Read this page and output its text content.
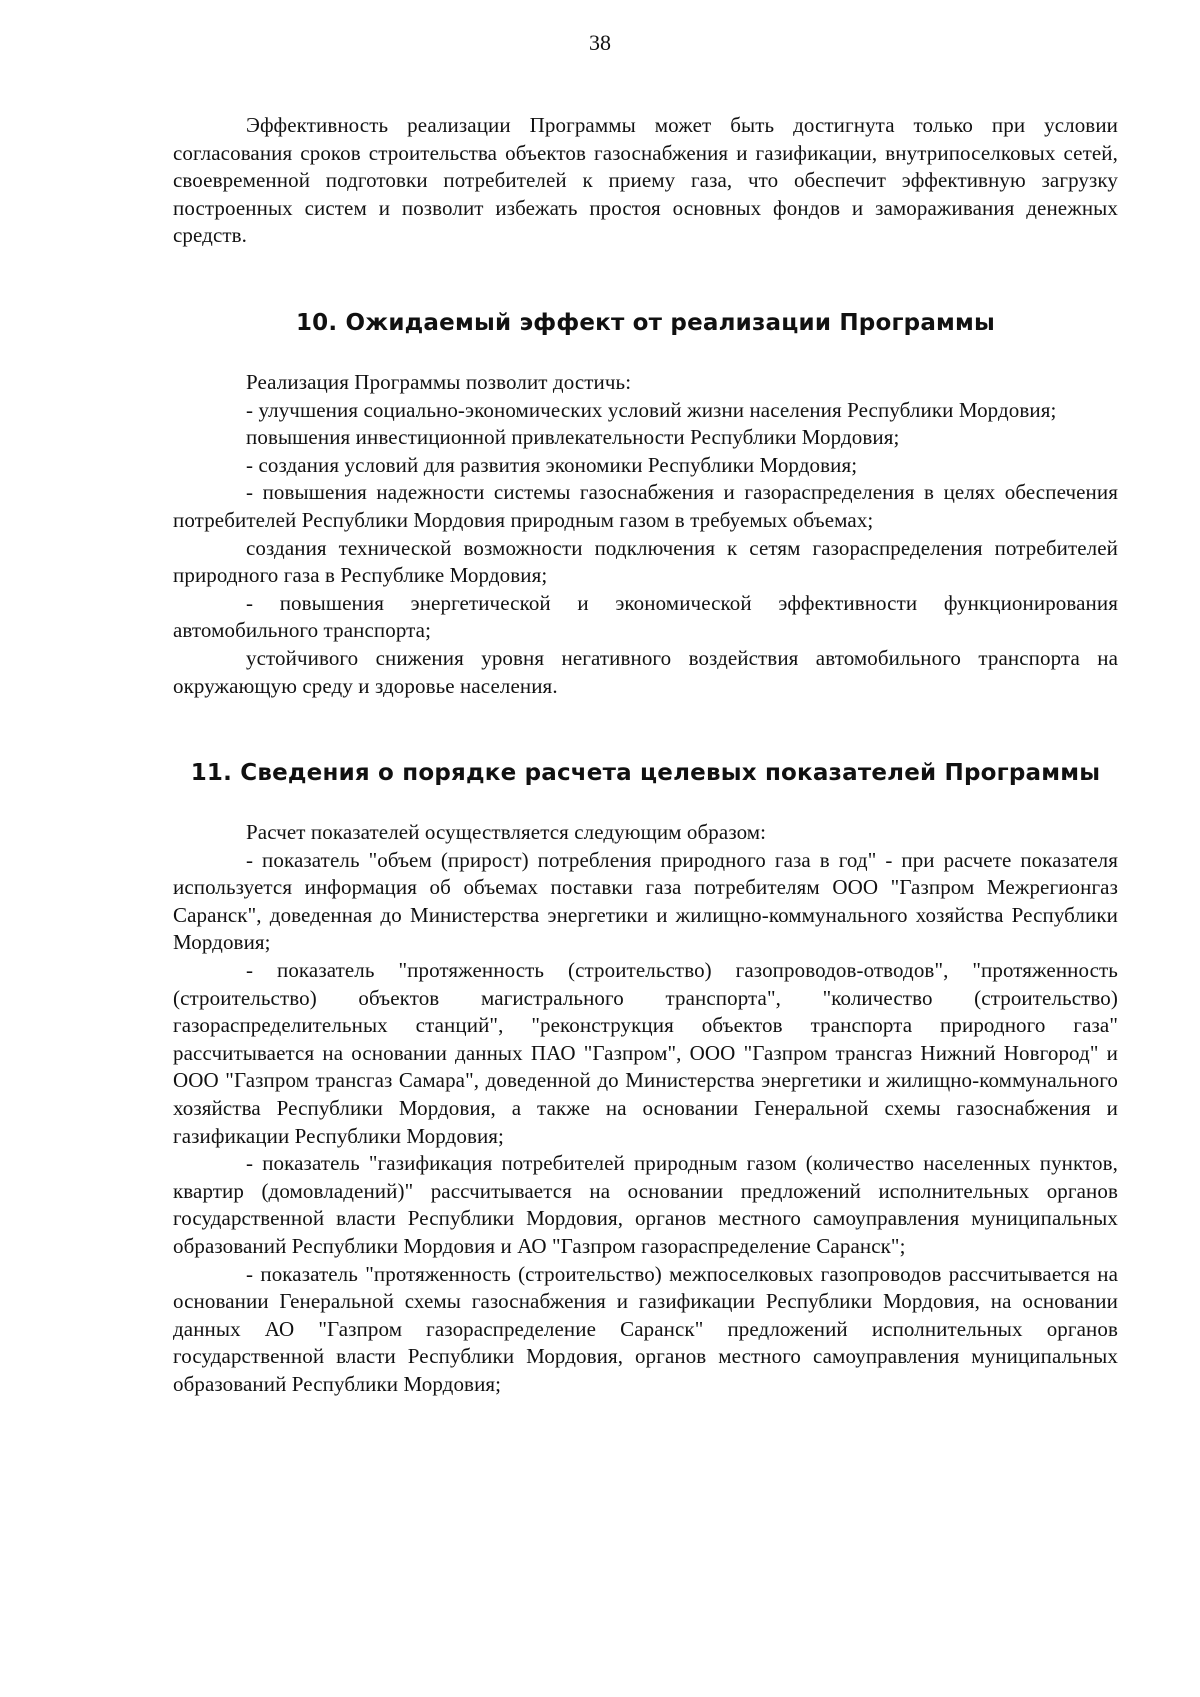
38

Эффективность реализации Программы может быть достигнута только при условии согласования сроков строительства объектов газоснабжения и газификации, внутрипоселковых сетей, своевременной подготовки потребителей к приему газа, что обеспечит эффективную загрузку построенных систем и позволит избежать простоя основных фондов и замораживания денежных средств.

10. Ожидаемый эффект от реализации Программы

Реализация Программы позволит достичь:

- улучшения социально-экономических условий жизни населения Республики Мордовия;

повышения инвестиционной привлекательности Республики Мордовия;

- создания условий для развития экономики Республики Мордовия;

- повышения надежности системы газоснабжения и газораспределения в целях обеспечения потребителей Республики Мордовия природным газом в требуемых объемах;

создания технической возможности подключения к сетям газораспределения потребителей природного газа в Республике Мордовия;

- повышения энергетической и экономической эффективности функционирования автомобильного транспорта;

устойчивого снижения уровня негативного воздействия автомобильного транспорта на окружающую среду и здоровье населения.

11. Сведения о порядке расчета целевых показателей Программы

Расчет показателей осуществляется следующим образом:

- показатель "объем (прирост) потребления природного газа в год" - при расчете показателя используется информация об объемах поставки газа потребителям ООО "Газпром Межрегионгаз Саранск", доведенная до Министерства энергетики и жилищно-коммунального хозяйства Республики Мордовия;

- показатель "протяженность (строительство) газопроводов-отводов", "протяженность (строительство) объектов магистрального транспорта", "количество (строительство) газораспределительных станций", "реконструкция объектов транспорта природного газа" рассчитывается на основании данных ПАО "Газпром", ООО "Газпром трансгаз Нижний Новгород" и ООО "Газпром трансгаз Самара", доведенной до Министерства энергетики и жилищно-коммунального хозяйства Республики Мордовия, а также на основании Генеральной схемы газоснабжения и газификации Республики Мордовия;

- показатель "газификация потребителей природным газом (количество населенных пунктов, квартир (домовладений)" рассчитывается на основании предложений исполнительных органов государственной власти Республики Мордовия, органов местного самоуправления муниципальных образований Республики Мордовия и АО "Газпром газораспределение Саранск";

- показатель "протяженность (строительство) межпоселковых газопроводов рассчитывается на основании Генеральной схемы газоснабжения и газификации Республики Мордовия, на основании данных АО "Газпром газораспределение Саранск" предложений исполнительных органов государственной власти Республики Мордовия, органов местного самоуправления муниципальных образований Республики Мордовия;
